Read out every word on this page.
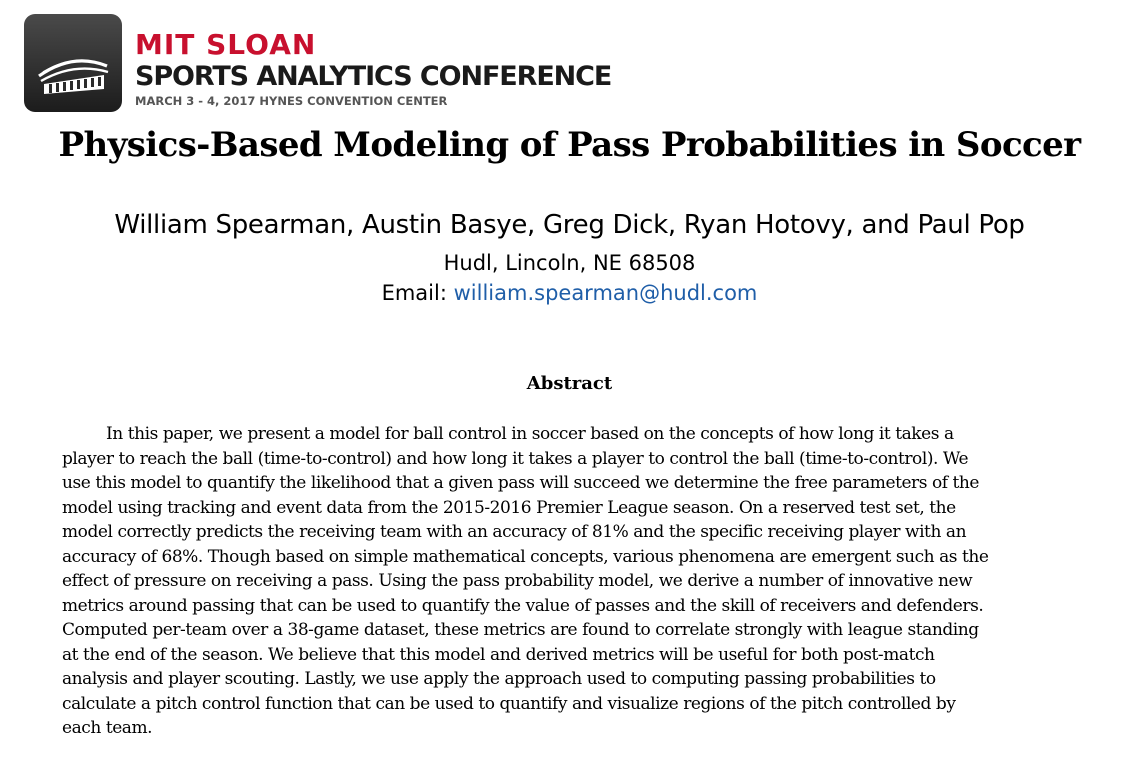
MIT SLOAN
SPORTS ANALYTICS CONFERENCE
MARCH 3 - 4, 2017 HYNES CONVENTION CENTER
Physics-Based Modeling of Pass Probabilities in Soccer
William Spearman, Austin Basye, Greg Dick, Ryan Hotovy, and Paul Pop
Hudl, Lincoln, NE 68508
Email: william.spearman@hudl.com
Abstract
In this paper, we present a model for ball control in soccer based on the concepts of how long it takes a
player to reach the ball (time-to-control) and how long it takes a player to control the ball (time-to-control). We
use this model to quantify the likelihood that a given pass will succeed we determine the free parameters of the
model using tracking and event data from the 2015-2016 Premier League season. On a reserved test set, the
model correctly predicts the receiving team with an accuracy of 81% and the specific receiving player with an
accuracy of 68%. Though based on simple mathematical concepts, various phenomena are emergent such as the
effect of pressure on receiving a pass. Using the pass probability model, we derive a number of innovative new
metrics around passing that can be used to quantify the value of passes and the skill of receivers and defenders.
Computed per-team over a 38-game dataset, these metrics are found to correlate strongly with league standing
at the end of the season. We believe that this model and derived metrics will be useful for both post-match
analysis and player scouting. Lastly, we use apply the approach used to computing passing probabilities to
calculate a pitch control function that can be used to quantify and visualize regions of the pitch controlled by
each team.
